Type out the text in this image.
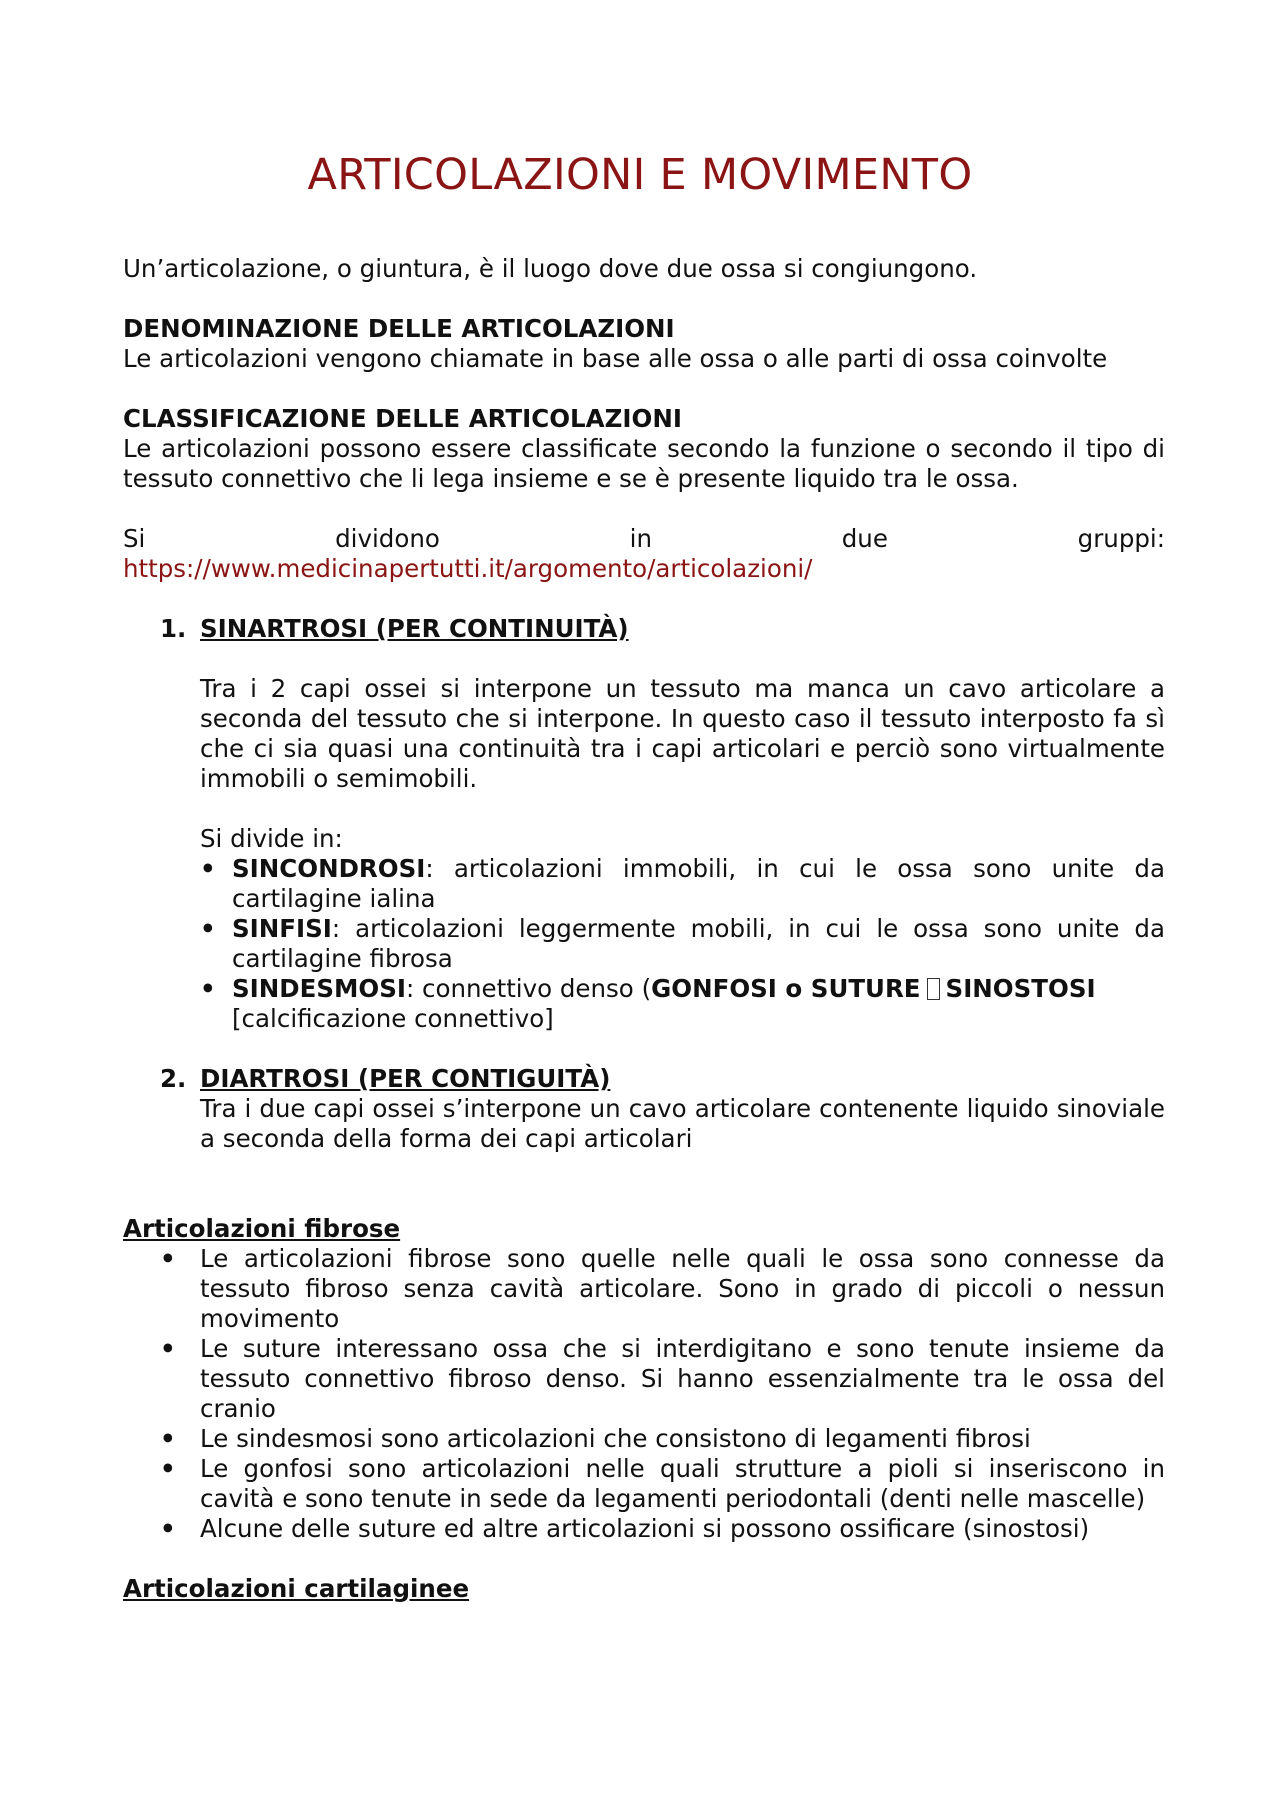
ARTICOLAZIONI E MOVIMENTO

Un’articolazione, o giuntura, è il luogo dove due ossa si congiungono.

DENOMINAZIONE DELLE ARTICOLAZIONI

Le articolazioni vengono chiamate in base alle ossa o alle parti di ossa coinvolte

CLASSIFICAZIONE DELLE ARTICOLAZIONI

Le articolazioni possono essere classificate secondo la funzione o secondo il tipo di tessuto connettivo che li lega insieme e se è presente liquido tra le ossa.

Si dividono in due gruppi:

https://www.medicinapertutti.it/argomento/articolazioni/

1. SINARTROSI (PER CONTINUITÀ)

Tra i 2 capi ossei si interpone un tessuto ma manca un cavo articolare a seconda del tessuto che si interpone. In questo caso il tessuto interposto fa sì che ci sia quasi una continuità tra i capi articolari e perciò sono virtualmente immobili o semimobili.

Si divide in:

• SINCONDROSI: articolazioni immobili, in cui le ossa sono unite da cartilagine ialina
• SINFISI: articolazioni leggermente mobili, in cui le ossa sono unite da cartilagine fibrosa
• SINDESMOSI: connettivo denso (GONFOSI o SUTURE SINOSTOSI
[calcificazione connettivo]
2. DIARTROSI (PER CONTIGUITÀ)

Tra i due capi ossei s’interpone un cavo articolare contenente liquido sinoviale a seconda della forma dei capi articolari

Articolazioni fibrose

• Le articolazioni fibrose sono quelle nelle quali le ossa sono connesse da tessuto fibroso senza cavità articolare. Sono in grado di piccoli o nessun movimento
• Le suture interessano ossa che si interdigitano e sono tenute insieme da tessuto connettivo fibroso denso. Si hanno essenzialmente tra le ossa del cranio
• Le sindesmosi sono articolazioni che consistono di legamenti fibrosi
• Le gonfosi sono articolazioni nelle quali strutture a pioli si inseriscono in cavità e sono tenute in sede da legamenti periodontali (denti nelle mascelle)
• Alcune delle suture ed altre articolazioni si possono ossificare (sinostosi)

Articolazioni cartilaginee
